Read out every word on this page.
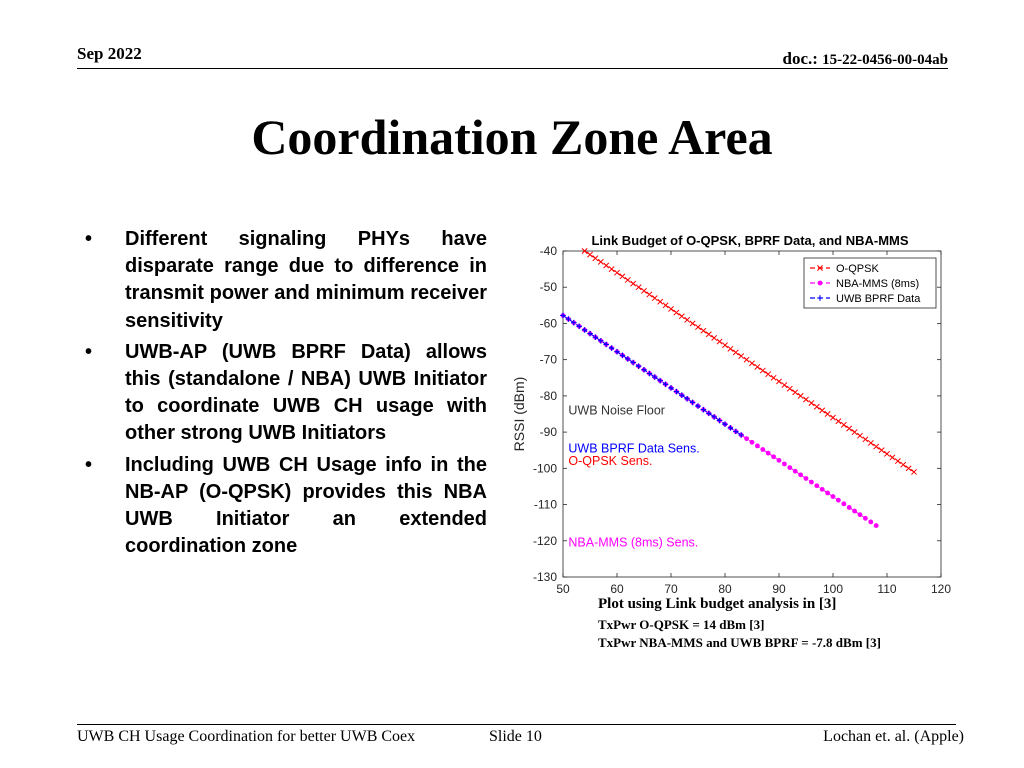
Sep 2022	doc.: 15-22-0456-00-04ab
Coordination Zone Area
• Different signaling PHYs have disparate range due to difference in transmit power and minimum receiver sensitivity
• UWB-AP (UWB BPRF Data) allows this (standalone / NBA) UWB Initiator to coordinate UWB CH usage with other strong UWB Initiators
• Including UWB CH Usage info in the NB-AP (O-QPSK) provides this NBA UWB Initiator an extended coordination zone
50	60	70	80	90	100	110	120
-40
-50
-60
-70
-80
-90
-100
-110
-120
-130
Link Budget of O-QPSK, BPRF Data, and NBA-MMS
RSSI (dBm)	UWB Noise Floor
UWB BPRF Data Sens.
O-QPSK Sens.
NBA-MMS (8ms) Sens.
O-QPSK
NBA-MMS (8ms)
UWB BPRF Data
Plot using Link budget analysis in [3]
TxPwr O-QPSK = 14 dBm [3]
TxPwr NBA-MMS and UWB BPRF = -7.8 dBm [3]
UWB CH Usage Coordination for better UWB Coex	Slide 10	Lochan et. al. (Apple)
